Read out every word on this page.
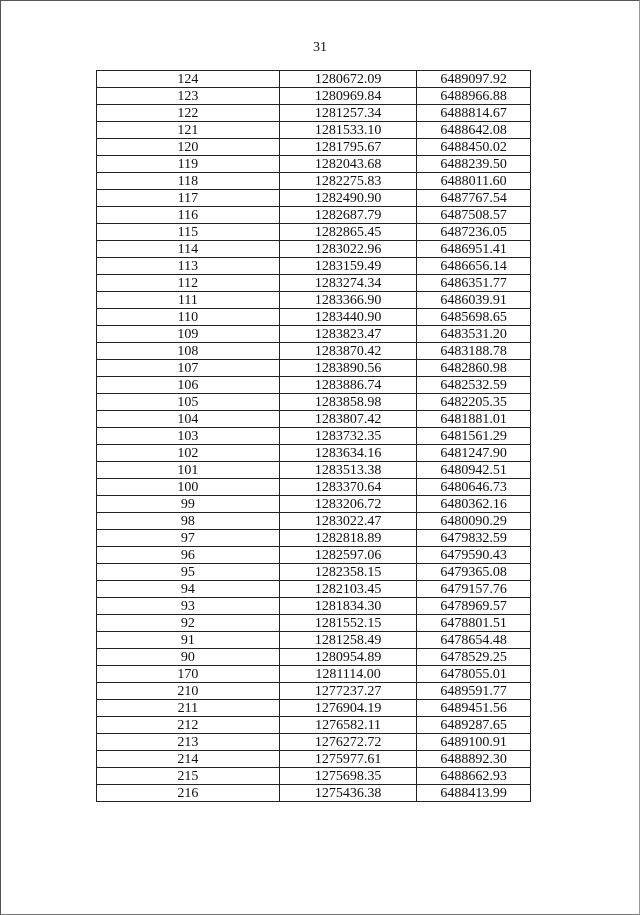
31
124	1280672.09	6489097.92
123	1280969.84	6488966.88
122	1281257.34	6488814.67
121	1281533.10	6488642.08
120	1281795.67	6488450.02
119	1282043.68	6488239.50
118	1282275.83	6488011.60
117	1282490.90	6487767.54
116	1282687.79	6487508.57
115	1282865.45	6487236.05
114	1283022.96	6486951.41
113	1283159.49	6486656.14
112	1283274.34	6486351.77
111	1283366.90	6486039.91
110	1283440.90	6485698.65
109	1283823.47	6483531.20
108	1283870.42	6483188.78
107	1283890.56	6482860.98
106	1283886.74	6482532.59
105	1283858.98	6482205.35
104	1283807.42	6481881.01
103	1283732.35	6481561.29
102	1283634.16	6481247.90
101	1283513.38	6480942.51
100	1283370.64	6480646.73
99	1283206.72	6480362.16
98	1283022.47	6480090.29
97	1282818.89	6479832.59
96	1282597.06	6479590.43
95	1282358.15	6479365.08
94	1282103.45	6479157.76
93	1281834.30	6478969.57
92	1281552.15	6478801.51
91	1281258.49	6478654.48
90	1280954.89	6478529.25
170	1281114.00	6478055.01
210	1277237.27	6489591.77
211	1276904.19	6489451.56
212	1276582.11	6489287.65
213	1276272.72	6489100.91
214	1275977.61	6488892.30
215	1275698.35	6488662.93
216	1275436.38	6488413.99
